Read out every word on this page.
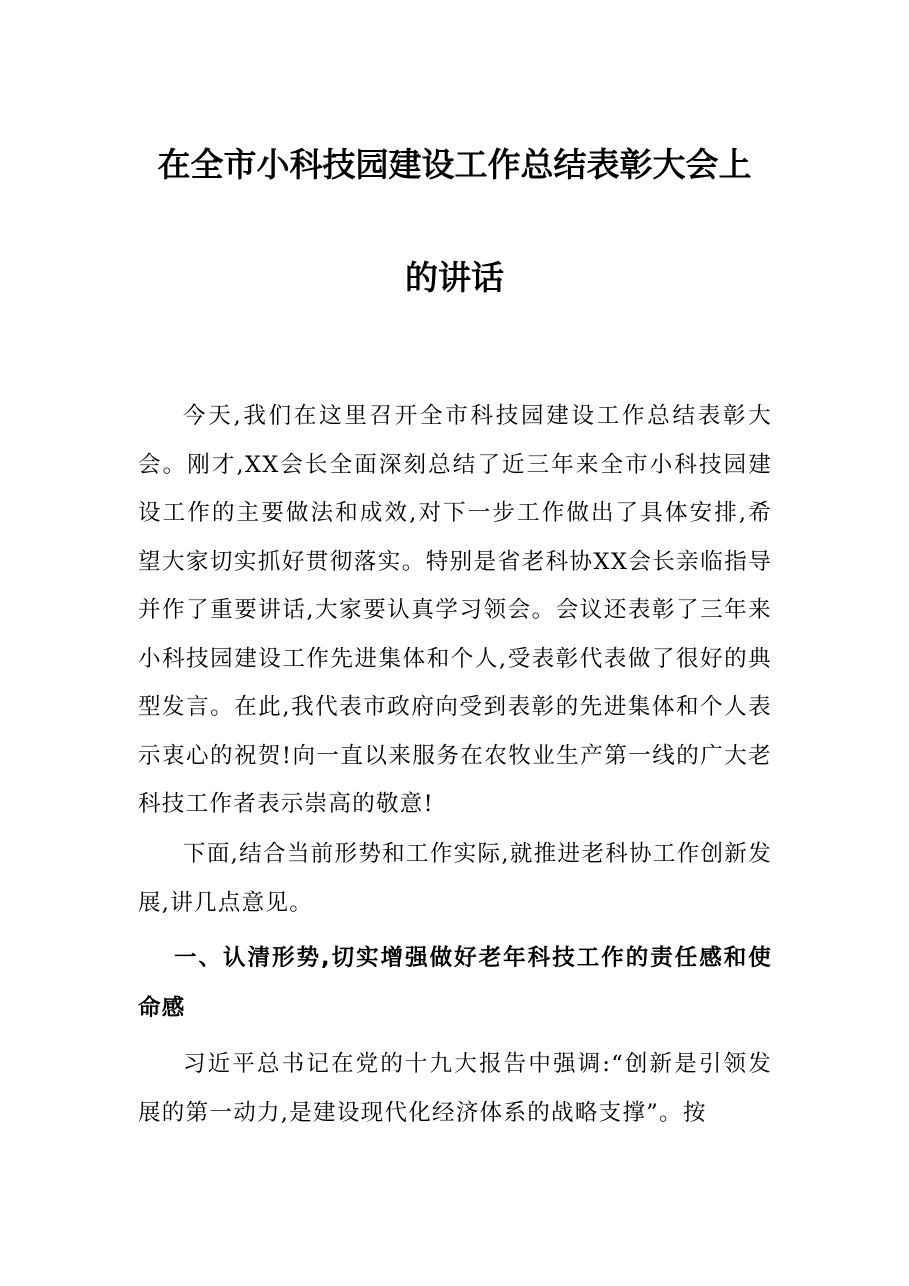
在全市小科技园建设工作总结表彰大会上
的讲话

今天,我们在这里召开全市科技园建设工作总结表彰大会。刚才,XX会长全面深刻总结了近三年来全市小科技园建设工作的主要做法和成效,对下一步工作做出了具体安排,希望大家切实抓好贯彻落实。特别是省老科协XX会长亲临指导并作了重要讲话,大家要认真学习领会。会议还表彰了三年来小科技园建设工作先进集体和个人,受表彰代表做了很好的典型发言。在此,我代表市政府向受到表彰的先进集体和个人表示衷心的祝贺!向一直以来服务在农牧业生产第一线的广大老科技工作者表示崇高的敬意!

下面,结合当前形势和工作实际,就推进老科协工作创新发展,讲几点意见。

一、认清形势,切实增强做好老年科技工作的责任感和使命感

习近平总书记在党的十九大报告中强调:“创新是引领发展的第一动力,是建设现代化经济体系的战略支撑”。按
